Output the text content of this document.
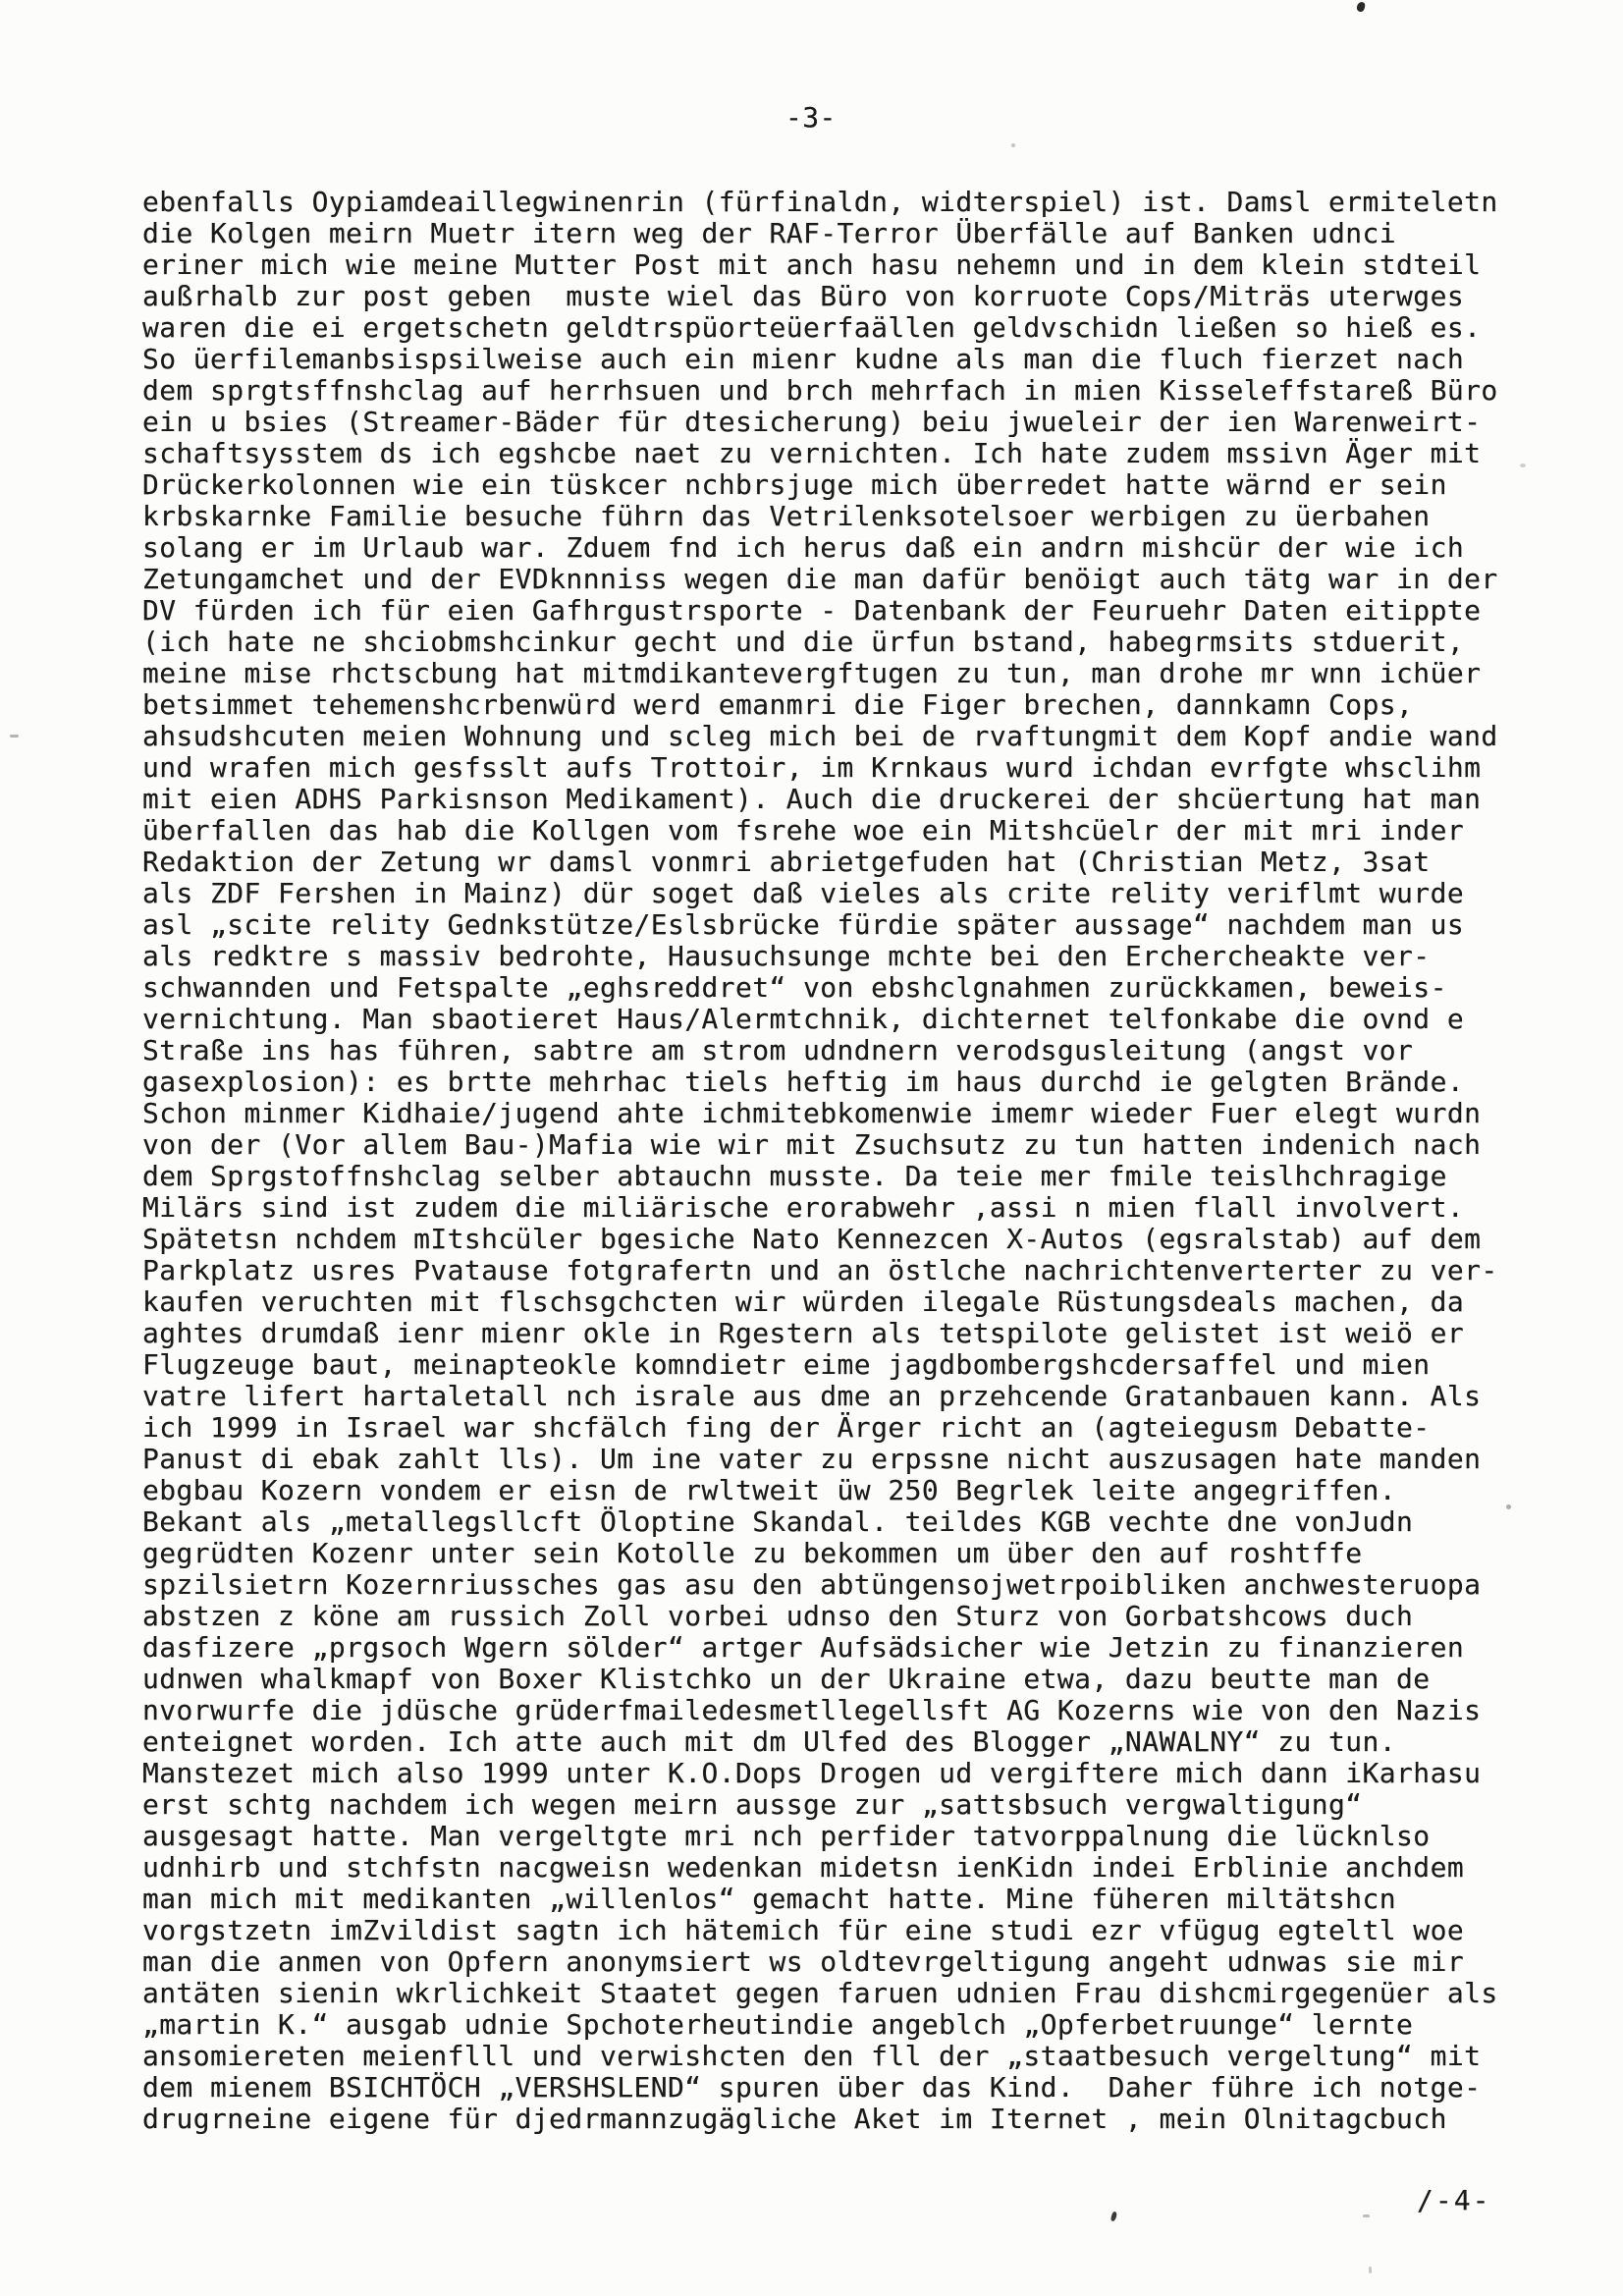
-3-
ebenfalls Oypiamdeaillegwinenrin (fürfinaldn, widterspiel) ist. Damsl ermiteletn
die Kolgen meirn Muetr itern weg der RAF-Terror Überfälle auf Banken udnci
eriner mich wie meine Mutter Post mit anch hasu nehemn und in dem klein stdteil
außrhalb zur post geben  muste wiel das Büro von korruote Cops/Miträs uterwges
waren die ei ergetschetn geldtrspüorteüerfaällen geldvschidn ließen so hieß es.
So üerfilemanbsispsilweise auch ein mienr kudne als man die fluch fierzet nach
dem sprgtsffnshclag auf herrhsuen und brch mehrfach in mien Kisseleffstareß Büro
ein u bsies (Streamer-Bäder für dtesicherung) beiu jwueleir der ien Warenweirt-
schaftsysstem ds ich egshcbe naet zu vernichten. Ich hate zudem mssivn Äger mit
Drückerkolonnen wie ein tüskcer nchbrsjuge mich überredet hatte wärnd er sein
krbskarnke Familie besuche führn das Vetrilenksotelsoer werbigen zu üerbahen
solang er im Urlaub war. Zduem fnd ich herus daß ein andrn mishcür der wie ich
Zetungamchet und der EVDknnniss wegen die man dafür benöigt auch tätg war in der
DV fürden ich für eien Gafhrgustrsporte - Datenbank der Feuruehr Daten eitippte
(ich hate ne shciobmshcinkur gecht und die ürfun bstand, habegrmsits stduerit,
meine mise rhctscbung hat mitmdikantevergftugen zu tun, man drohe mr wnn ichüer
betsimmet tehemenshcrbenwürd werd emanmri die Figer brechen, dannkamn Cops,
ahsudshcuten meien Wohnung und scleg mich bei de rvaftungmit dem Kopf andie wand
und wrafen mich gesfsslt aufs Trottoir, im Krnkaus wurd ichdan evrfgte whsclihm
mit eien ADHS Parkisnson Medikament). Auch die druckerei der shcüertung hat man
überfallen das hab die Kollgen vom fsrehe woe ein Mitshcüelr der mit mri inder
Redaktion der Zetung wr damsl vonmri abrietgefuden hat (Christian Metz, 3sat
als ZDF Fershen in Mainz) dür soget daß vieles als crite relity veriflmt wurde
asl „scite relity Gednkstütze/Eslsbrücke fürdie später aussage“ nachdem man us
als redktre s massiv bedrohte, Hausuchsunge mchte bei den Erchercheakte ver-
schwannden und Fetspalte „eghsreddret“ von ebshclgnahmen zurückkamen, beweis-
vernichtung. Man sbaotieret Haus/Alermtchnik, dichternet telfonkabe die ovnd e
Straße ins has führen, sabtre am strom udndnern verodsgusleitung (angst vor
gasexplosion): es brtte mehrhac tiels heftig im haus durchd ie gelgten Brände.
Schon minmer Kidhaie/jugend ahte ichmitebkomenwie imemr wieder Fuer elegt wurdn
von der (Vor allem Bau-)Mafia wie wir mit Zsuchsutz zu tun hatten indenich nach
dem Sprgstoffnshclag selber abtauchn musste. Da teie mer fmile teislhchragige
Milärs sind ist zudem die miliärische erorabwehr ,assi n mien flall involvert.
Spätetsn nchdem mItshcüler bgesiche Nato Kennezcen X-Autos (egsralstab) auf dem
Parkplatz usres Pvatause fotgrafertn und an östlche nachrichtenverterter zu ver-
kaufen veruchten mit flschsgchcten wir würden ilegale Rüstungsdeals machen, da
aghtes drumdaß ienr mienr okle in Rgestern als tetspilote gelistet ist weiö er
Flugzeuge baut, meinapteokle komndietr eime jagdbombergshcdersaffel und mien
vatre lifert hartaletall nch israle aus dme an przehcende Gratanbauen kann. Als
ich 1999 in Israel war shcfälch fing der Ärger richt an (agteiegusm Debatte-
Panust di ebak zahlt lls). Um ine vater zu erpssne nicht auszusagen hate manden
ebgbau Kozern vondem er eisn de rwltweit üw 250 Begrlek leite angegriffen.
Bekant als „metallegsllcft Öloptine Skandal. teildes KGB vechte dne vonJudn
gegrüdten Kozenr unter sein Kotolle zu bekommen um über den auf roshtffe
spzilsietrn Kozernriussches gas asu den abtüngensojwetrpoibliken anchwesteruopa
abstzen z köne am russich Zoll vorbei udnso den Sturz von Gorbatshcows duch
dasfizere „prgsoch Wgern sölder“ artger Aufsädsicher wie Jetzin zu finanzieren
udnwen whalkmapf von Boxer Klistchko un der Ukraine etwa, dazu beutte man de
nvorwurfe die jdüsche grüderfmailedesmetllegellsft AG Kozerns wie von den Nazis
enteignet worden. Ich atte auch mit dm Ulfed des Blogger „NAWALNY“ zu tun.
Manstezet mich also 1999 unter K.O.Dops Drogen ud vergiftere mich dann iKarhasu
erst schtg nachdem ich wegen meirn aussge zur „sattsbsuch vergwaltigung“
ausgesagt hatte. Man vergeltgte mri nch perfider tatvorppalnung die lücknlso
udnhirb und stchfstn nacgweisn wedenkan midetsn ienKidn indei Erblinie anchdem
man mich mit medikanten „willenlos“ gemacht hatte. Mine füheren miltätshcn
vorgstzetn imZvildist sagtn ich hätemich für eine studi ezr vfügug egteltl woe
man die anmen von Opfern anonymsiert ws oldtevrgeltigung angeht udnwas sie mir
antäten sienin wkrlichkeit Staatet gegen faruen udnien Frau dishcmirgegenüer als
„martin K.“ ausgab udnie Spchoterheutindie angeblch „Opferbetruunge“ lernte
ansomiereten meienflll und verwishcten den fll der „staatbesuch vergeltung“ mit
dem mienem BSICHTÖCH „VERSHSLEND“ spuren über das Kind.  Daher führe ich notge-
drugrneine eigene für djedrmannzugägliche Aket im Iternet , mein Olnitagcbuch
/-4-
